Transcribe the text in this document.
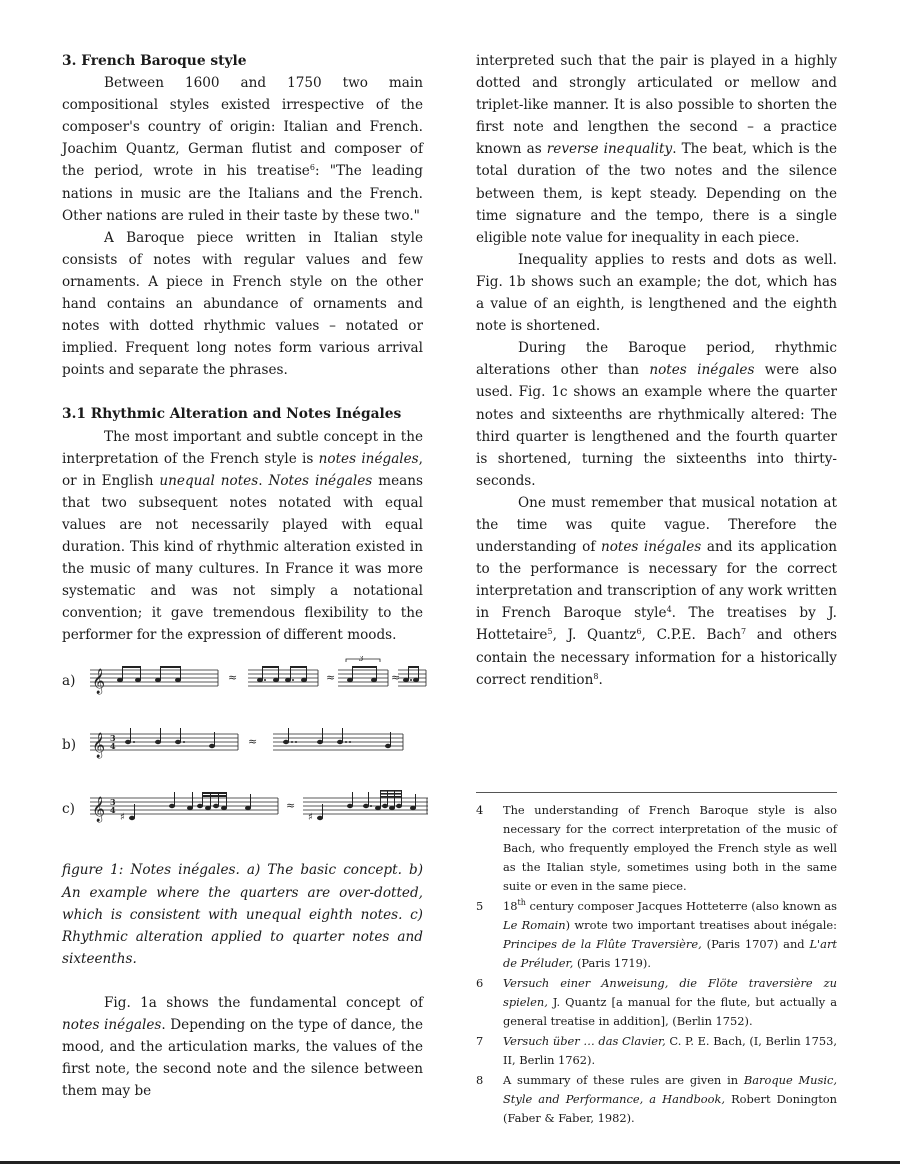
3. French Baroque style

Between 1600 and 1750 two main compositional styles existed irrespective of the composer's country of origin: Italian and French. Joachim Quantz, German flutist and composer of the period, wrote in his treatise$^6$: "The leading nations in music are the Italians and the French. Other nations are ruled in their taste by these two."

A Baroque piece written in Italian style consists of notes with regular values and few ornaments. A piece in French style on the other hand contains an abundance of ornaments and notes with dotted rhythmic values – notated or implied. Frequent long notes form various arrival points and separate the phrases.

3.1 Rhythmic Alteration and Notes Inégales

The most important and subtle concept in the interpretation of the French style is notes inégales, or in English unequal notes. Notes inégales means that two subsequent notes notated with equal values are not necessarily played with equal duration. This kind of rhythmic alteration existed in the music of many cultures. In France it was more systematic and was not simply a notational convention; it gave tremendous flexibility to the performer for the expression of different moods.

a) 𝄞
3
≈	≈	≈
b) 𝄞 3
4	≈
c) 𝄞 3
4
♯	♯
≈

figure 1: Notes inégales. a) The basic concept. b) An example where the quarters are over-dotted, which is consistent with unequal eighth notes. c) Rhythmic alteration applied to quarter notes and sixteenths.

Fig. 1a shows the fundamental concept of notes inégales. Depending on the type of dance, the mood, and the articulation marks, the values of the first note, the second note and the silence between them may be

interpreted such that the pair is played in a highly dotted and strongly articulated or mellow and triplet-like manner. It is also possible to shorten the first note and lengthen the second – a practice known as reverse inequality. The beat, which is the total duration of the two notes and the silence between them, is kept steady. Depending on the time signature and the tempo, there is a single eligible note value for inequality in each piece.

Inequality applies to rests and dots as well. Fig. 1b shows such an example; the dot, which has a value of an eighth, is lengthened and the eighth note is shortened.

During the Baroque period, rhythmic alterations other than notes inégales were also used. Fig. 1c shows an example where the quarter notes and sixteenths are rhythmically altered: The third quarter is lengthened and the fourth quarter is shortened, turning the sixteenths into thirty-seconds.

One must remember that musical notation at the time was quite vague. Therefore the understanding of notes inégales and its application to the performance is necessary for the correct interpretation and transcription of any work written in French Baroque style$^4$. The treatises by J. Hottetaire$^5$, J. Quantz$^6$, C.P.E. Bach$^7$ and others contain the necessary information for a historically correct rendition$^8$.

4 The understanding of French Baroque style is also necessary for the correct interpretation of the music of Bach, who frequently employed the French style as well as the Italian style, sometimes using both in the same suite or even in the same piece.
5 18th century composer Jacques Hotteterre (also known as Le Romain) wrote two important treatises about inégale: Principes de la Flûte Traversière, (Paris 1707) and L'art de Préluder, (Paris 1719).
6 Versuch einer Anweisung, die Flöte traversière zu spielen, J. Quantz [a manual for the flute, but actually a general treatise in addition], (Berlin 1752).
7 Versuch über … das Clavier, C. P. E. Bach, (I, Berlin 1753, II, Berlin 1762).
8 A summary of these rules are given in Baroque Music, Style and Performance, a Handbook, Robert Donington (Faber & Faber, 1982).
